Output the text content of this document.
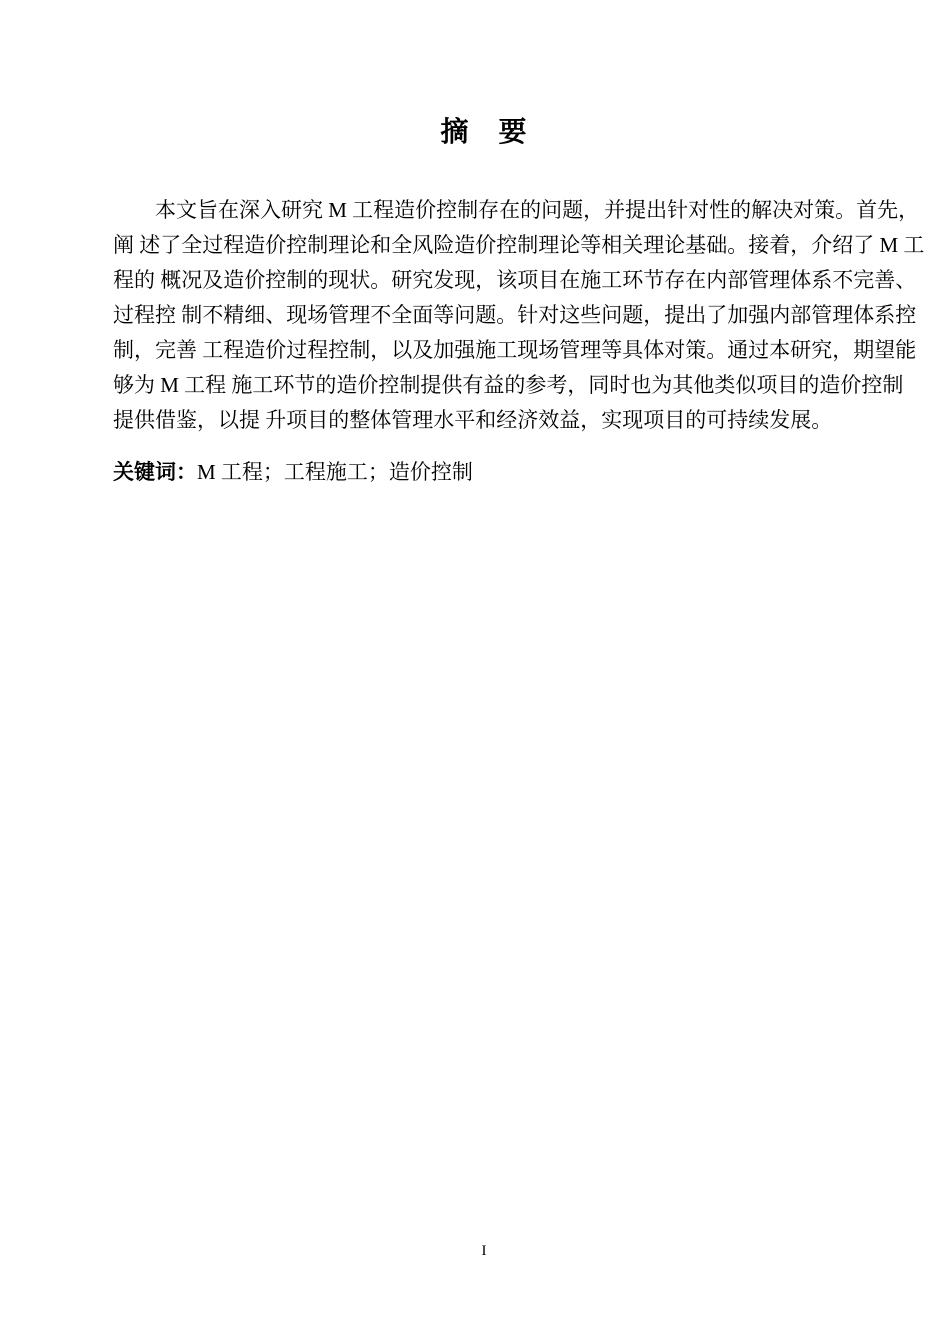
摘　要
本文旨在深入研究 M 工程造价控制存在的问题，并提出针对性的解决对策。首先，
阐 述了全过程造价控制理论和全风险造价控制理论等相关理论基础。接着，介绍了 M 工
程的 概况及造价控制的现状。研究发现，该项目在施工环节存在内部管理体系不完善、
过程控 制不精细、现场管理不全面等问题。针对这些问题，提出了加强内部管理体系控
制，完善 工程造价过程控制，以及加强施工现场管理等具体对策。通过本研究，期望能
够为 M 工程 施工环节的造价控制提供有益的参考，同时也为其他类似项目的造价控制
提供借鉴，以提 升项目的整体管理水平和经济效益，实现项目的可持续发展。
关键词：M 工程；工程施工；造价控制
I
